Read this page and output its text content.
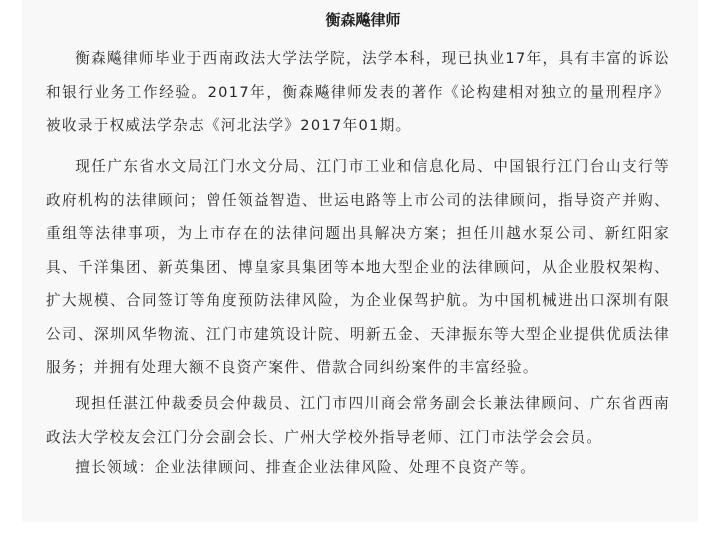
衡森飚律师

衡森飚律师毕业于西南政法大学法学院，法学本科，现已执业17年，具有丰富的诉讼和银行业务工作经验。2017年，衡森飚律师发表的著作《论构建相对独立的量刑程序》被收录于权威法学杂志《河北法学》2017年01期。

现任广东省水文局江门水文分局、江门市工业和信息化局、中国银行江门台山支行等政府机构的法律顾问；曾任领益智造、世运电路等上市公司的法律顾问，指导资产并购、重组等法律事项，为上市存在的法律问题出具解决方案；担任川越水泵公司、新红阳家具、千洋集团、新英集团、博皇家具集团等本地大型企业的法律顾问，从企业股权架构、扩大规模、合同签订等角度预防法律风险，为企业保驾护航。为中国机械进出口深圳有限公司、深圳风华物流、江门市建筑设计院、明新五金、天津振东等大型企业提供优质法律服务；并拥有处理大额不良资产案件、借款合同纠纷案件的丰富经验。

现担任湛江仲裁委员会仲裁员、江门市四川商会常务副会长兼法律顾问、广东省西南政法大学校友会江门分会副会长、广州大学校外指导老师、江门市法学会会员。

擅长领域：企业法律顾问、排查企业法律风险、处理不良资产等。
